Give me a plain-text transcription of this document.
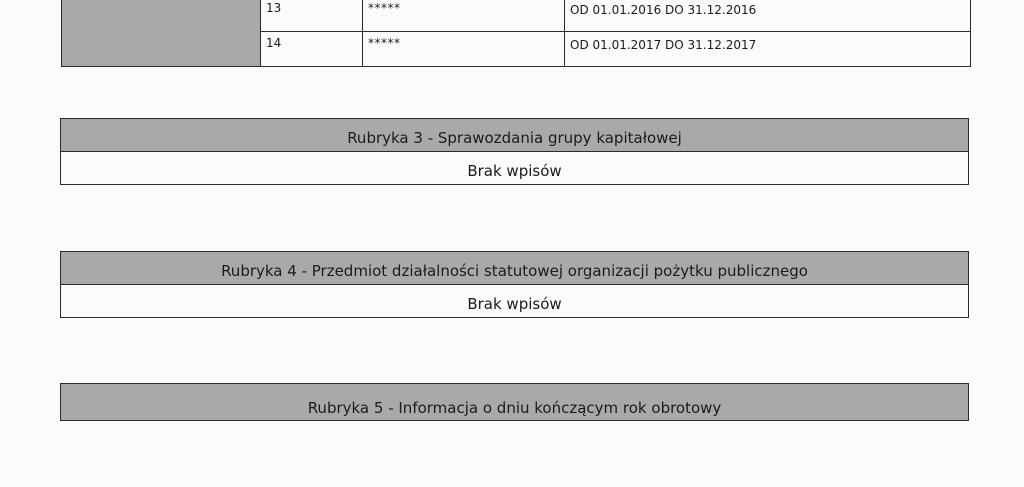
	13	*****	OD 01.01.2016 DO 31.12.2016
	14	*****	OD 01.01.2017 DO 31.12.2017
Rubryka 3 - Sprawozdania grupy kapitałowej
Brak wpisów
Rubryka 4 - Przedmiot działalności statutowej organizacji pożytku publicznego
Brak wpisów
Rubryka 5 - Informacja o dniu kończącym rok obrotowy
